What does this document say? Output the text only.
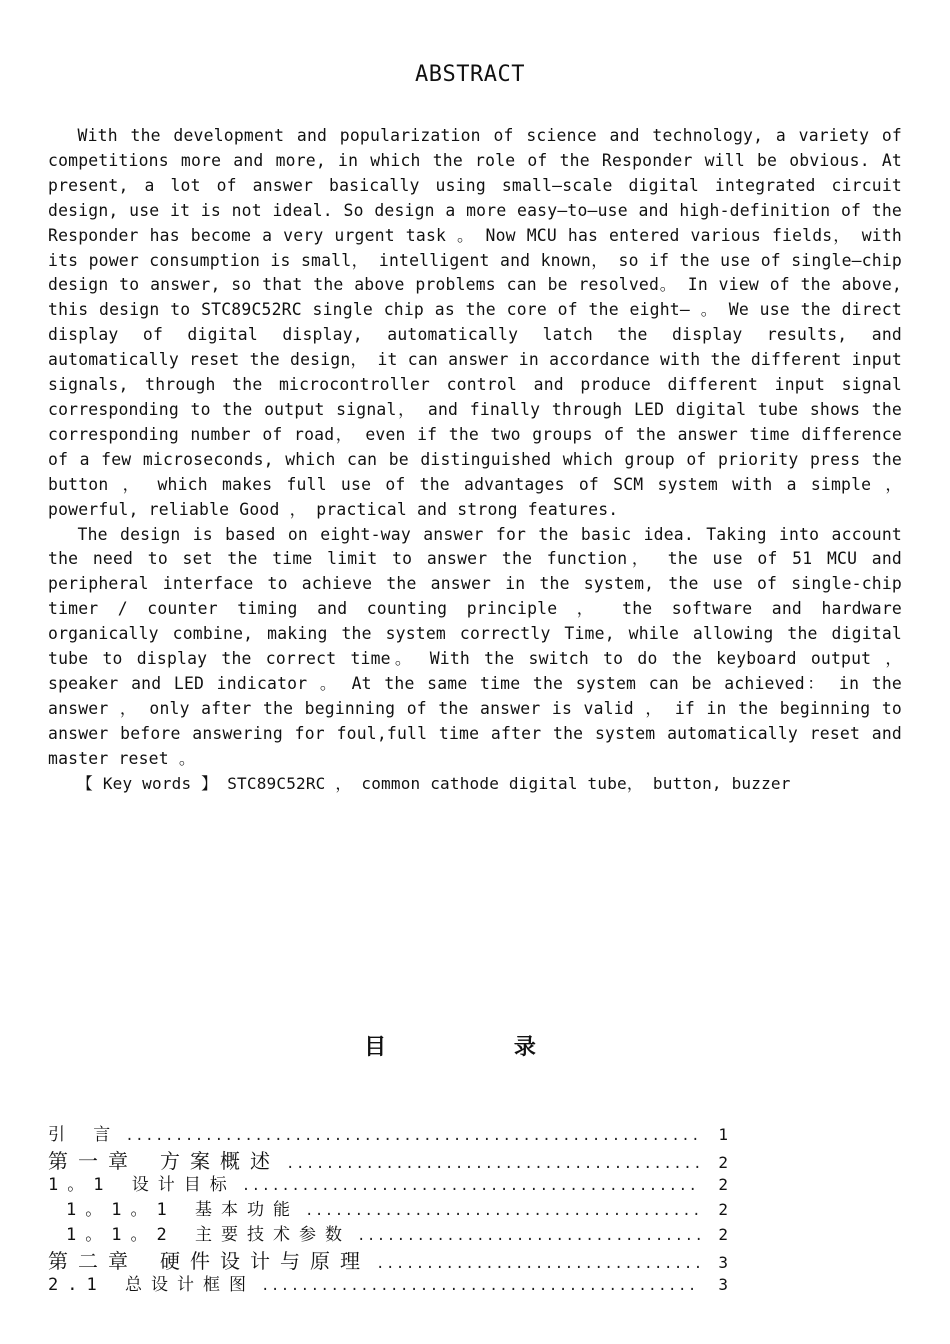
ABSTRACT

With the development and popularization of science and technology, a variety of competitions more and more, in which the role of the Responder will be obvious. At present, a lot of answer basically using small—scale digital integrated circuit design, use it is not ideal. So design a more easy—to—use and high-definition of the Responder has become a very urgent task 。 Now MCU has entered various fields， with its power consumption is small， intelligent and known， so if the use of single—chip design to answer, so that the above problems can be resolved。 In view of the above, this design to STC89C52RC single chip as the core of the eight— 。 We use the direct display of digital display, automatically latch the display results, and automatically reset the design， it can answer in accordance with the different input signals, through the microcontroller control and produce different input signal corresponding to the output signal， and finally through LED digital tube shows the corresponding number of road， even if the two groups of the answer time difference of a few microseconds, which can be distinguished which group of priority press the button ， which makes full use of the advantages of SCM system with a simple ， powerful, reliable Good ， practical and strong features.

The design is based on eight-way answer for the basic idea. Taking into account the need to set the time limit to answer the function， the use of 51 MCU and peripheral interface to achieve the answer in the system, the use of single-chip timer / counter timing and counting principle ， the software and hardware organically combine, making the system correctly Time, while allowing the digital tube to display the correct time。 With the switch to do the keyboard output ， speaker and LED indicator 。 At the same time the system can be achieved： in the answer ， only after the beginning of the answer is valid ， if in the beginning to answer before answering for foul,full time after the system automatically reset and master reset 。

【 Key words 】 STC89C52RC ， common cathode digital tube， button, buzzer

目 录
引 言 .....	1
第一章 方案概述 .....	2
1。1 设计目标 .....	2
1。1。1 基本功能 .....	2
1。1。2 主要技术参数 .....	2
第二章 硬件设计与原理 .....	3
2.1 总设计框图 .....	3
